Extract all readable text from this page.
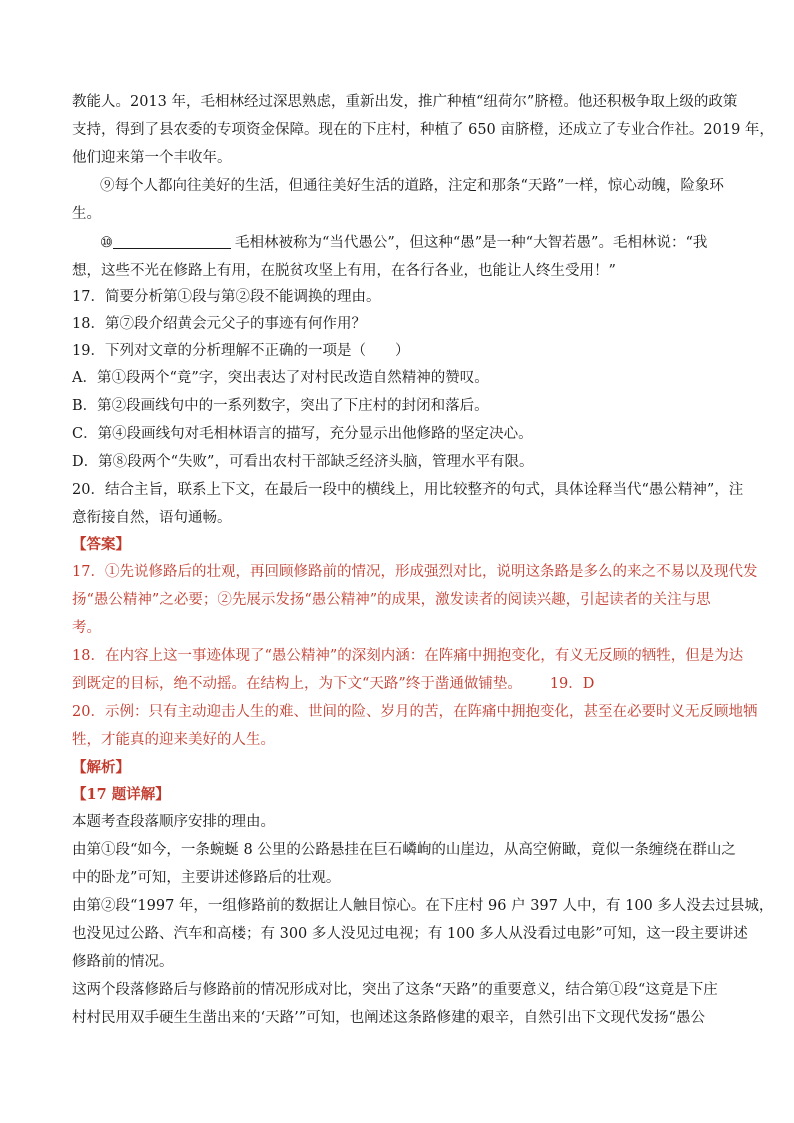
教能人。2013 年，毛相林经过深思熟虑，重新出发，推广种植“纽荷尔”脐橙。他还积极争取上级的政策
支持，得到了县农委的专项资金保障。现在的下庄村，种植了 650 亩脐橙，还成立了专业合作社。2019 年，
他们迎来第一个丰收年。
⑨每个人都向往美好的生活，但通往美好生活的道路，注定和那条“天路”一样，惊心动魄，险象环
生。
⑩	毛相林被称为“当代愚公”，但这种“愚”是一种“大智若愚”。毛相林说：“我
想，这些不光在修路上有用，在脱贫攻坚上有用，在各行各业，也能让人终生受用！”
17．简要分析第①段与第②段不能调换的理由。
18．第⑦段介绍黄会元父子的事迹有何作用？
19．下列对文章的分析理解不正确的一项是（　　）
A．第①段两个“竟”字，突出表达了对村民改造自然精神的赞叹。
B．第②段画线句中的一系列数字，突出了下庄村的封闭和落后。
C．第④段画线句对毛相林语言的描写，充分显示出他修路的坚定决心。
D．第⑧段两个“失败”，可看出农村干部缺乏经济头脑，管理水平有限。
20．结合主旨，联系上下文，在最后一段中的横线上，用比较整齐的句式，具体诠释当代“愚公精神”，注
意衔接自然，语句通畅。
【答案】
17．①先说修路后的壮观，再回顾修路前的情况，形成强烈对比，说明这条路是多么的来之不易以及现代发
扬“愚公精神”之必要；②先展示发扬“愚公精神”的成果，激发读者的阅读兴趣，引起读者的关注与思
考。
18．在内容上这一事迹体现了“愚公精神”的深刻内涵：在阵痛中拥抱变化，有义无反顾的牺牲，但是为达
到既定的目标，绝不动摇。在结构上，为下文“天路”终于凿通做铺垫。 19．D
20．示例：只有主动迎击人生的难、世间的险、岁月的苦，在阵痛中拥抱变化，甚至在必要时义无反顾地牺
牲，才能真的迎来美好的人生。
【解析】
【17 题详解】
本题考查段落顺序安排的理由。
由第①段“如今，一条蜿蜒 8 公里的公路悬挂在巨石嶙峋的山崖边，从高空俯瞰，竟似一条缠绕在群山之
中的卧龙”可知，主要讲述修路后的壮观。
由第②段“1997 年，一组修路前的数据让人触目惊心。在下庄村 96 户 397 人中，有 100 多人没去过县城，
也没见过公路、汽车和高楼；有 300 多人没见过电视；有 100 多人从没看过电影”可知，这一段主要讲述
修路前的情况。
这两个段落修路后与修路前的情况形成对比，突出了这条“天路”的重要意义，结合第①段“这竟是下庄
村村民用双手硬生生凿出来的‘天路’”可知，也阐述这条路修建的艰辛，自然引出下文现代发扬“愚公
